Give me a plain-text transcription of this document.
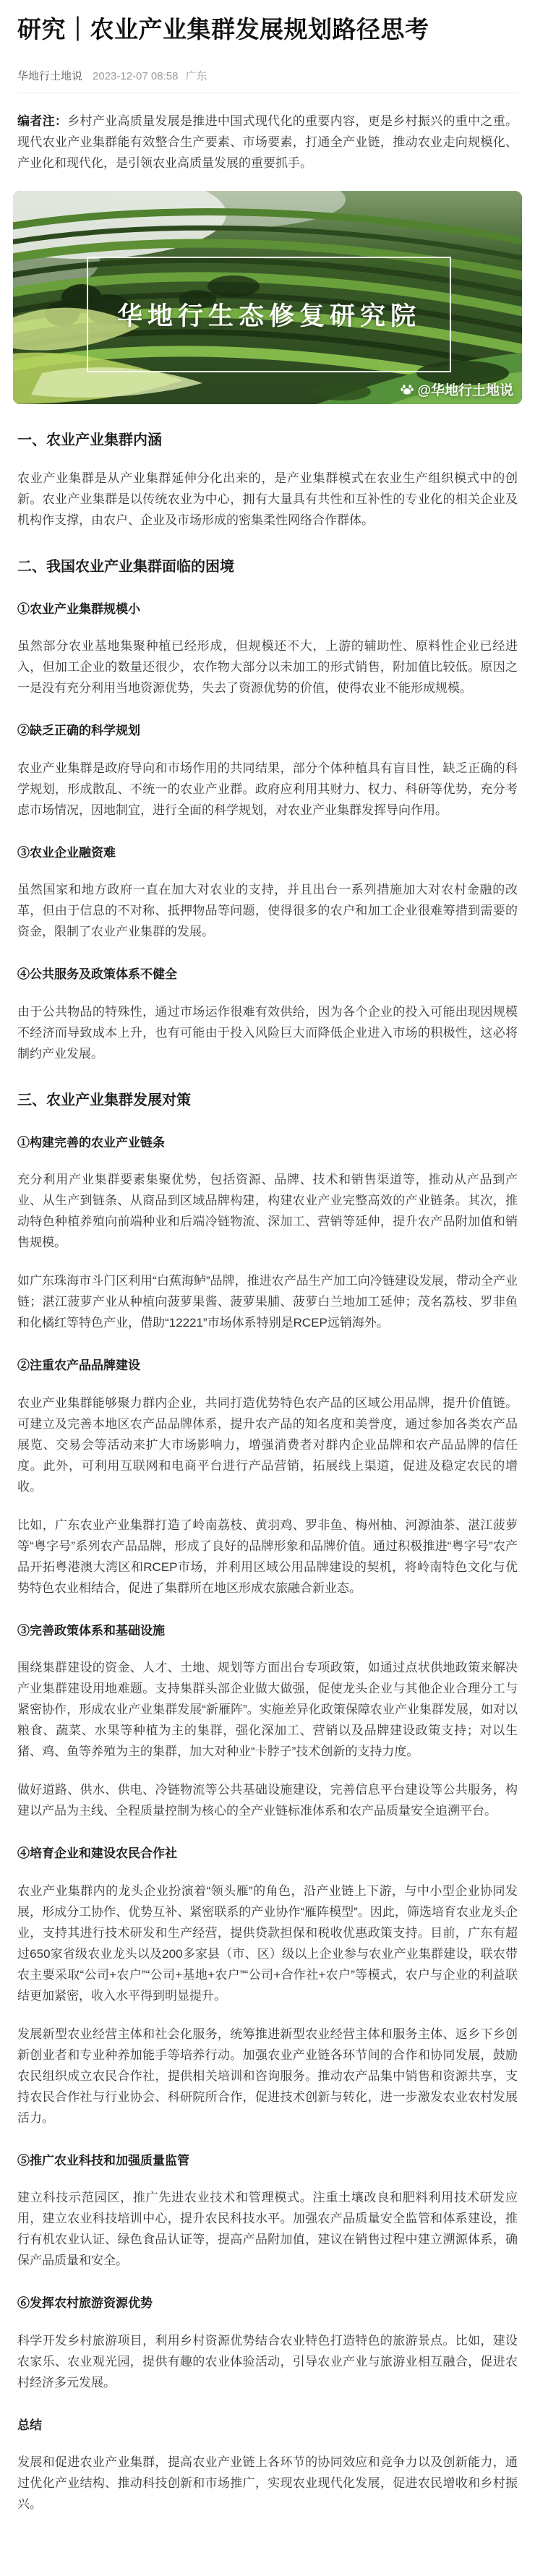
研究｜农业产业集群发展规划路径思考
华地行土地说 2023-12-07 08:58 广东

编者注：乡村产业高质量发展是推进中国式现代化的重要内容，更是乡村振兴的重中之重。现代农业产业集群能有效整合生产要素、市场要素，打通全产业链，推动农业走向规模化、产业化和现代化，是引领农业高质量发展的重要抓手。

华地行生态修复研究院
@华地行土地说
一、农业产业集群内涵

农业产业集群是从产业集群延伸分化出来的，是产业集群模式在农业生产组织模式中的创新。农业产业集群是以传统农业为中心，拥有大量具有共性和互补性的专业化的相关企业及机构作支撑，由农户、企业及市场形成的密集柔性网络合作群体。

二、我国农业产业集群面临的困境
①农业产业集群规模小

虽然部分农业基地集聚种植已经形成，但规模还不大，上游的辅助性、原料性企业已经进入，但加工企业的数量还很少，农作物大部分以未加工的形式销售，附加值比较低。原因之一是没有充分利用当地资源优势，失去了资源优势的价值，使得农业不能形成规模。

②缺乏正确的科学规划

农业产业集群是政府导向和市场作用的共同结果，部分个体种植具有盲目性，缺乏正确的科学规划，形成散乱、不统一的农业产业群。政府应利用其财力、权力、科研等优势，充分考虑市场情况，因地制宜，进行全面的科学规划，对农业产业集群发挥导向作用。

③农业企业融资难

虽然国家和地方政府一直在加大对农业的支持，并且出台一系列措施加大对农村金融的改革，但由于信息的不对称、抵押物品等问题，使得很多的农户和加工企业很难筹措到需要的资金，限制了农业产业集群的发展。

④公共服务及政策体系不健全

由于公共物品的特殊性，通过市场运作很难有效供给，因为各个企业的投入可能出现因规模不经济而导致成本上升，也有可能由于投入风险巨大而降低企业进入市场的积极性，这必将制约产业发展。

三、农业产业集群发展对策
①构建完善的农业产业链条

充分利用产业集群要素集聚优势，包括资源、品牌、技术和销售渠道等，推动从产品到产业、从生产到链条、从商品到区域品牌构建，构建农业产业完整高效的产业链条。其次，推动特色种植养殖向前端种业和后端冷链物流、深加工、营销等延伸，提升农产品附加值和销售规模。

如广东珠海市斗门区利用“白蕉海鲈”品牌，推进农产品生产加工向冷链建设发展，带动全产业链；湛江菠萝产业从种植向菠萝果酱、菠萝果脯、菠萝白兰地加工延伸；茂名荔枝、罗非鱼和化橘红等特色产业，借助“12221”市场体系特别是RCEP远销海外。

②注重农产品品牌建设

农业产业集群能够聚力群内企业，共同打造优势特色农产品的区域公用品牌，提升价值链。可建立及完善本地区农产品品牌体系，提升农产品的知名度和美誉度，通过参加各类农产品展览、交易会等活动来扩大市场影响力，增强消费者对群内企业品牌和农产品品牌的信任度。此外，可利用互联网和电商平台进行产品营销，拓展线上渠道，促进及稳定农民的增收。

比如，广东农业产业集群打造了岭南荔枝、黄羽鸡、罗非鱼、梅州柚、河源油茶、湛江菠萝等“粤字号”系列农产品品牌，形成了良好的品牌形象和品牌价值。通过积极推进“粤字号”农产品开拓粤港澳大湾区和RCEP市场，并利用区域公用品牌建设的契机，将岭南特色文化与优势特色农业相结合，促进了集群所在地区形成农旅融合新业态。

③完善政策体系和基础设施

围绕集群建设的资金、人才、土地、规划等方面出台专项政策，如通过点状供地政策来解决产业集群建设用地难题。支持集群头部企业做大做强，促使龙头企业与其他企业合理分工与紧密协作，形成农业产业集群发展“新雁阵”。实施差异化政策保障农业产业集群发展，如对以粮食、蔬菜、水果等种植为主的集群，强化深加工、营销以及品牌建设政策支持；对以生猪、鸡、鱼等养殖为主的集群，加大对种业“卡脖子”技术创新的支持力度。

做好道路、供水、供电、冷链物流等公共基础设施建设，完善信息平台建设等公共服务，构建以产品为主线、全程质量控制为核心的全产业链标准体系和农产品质量安全追溯平台。

④培育企业和建设农民合作社

农业产业集群内的龙头企业扮演着“领头雁”的角色，沿产业链上下游，与中小型企业协同发展，形成分工协作、优势互补、紧密联系的产业协作“雁阵模型”。因此，筛选培育农业龙头企业，支持其进行技术研发和生产经营，提供贷款担保和税收优惠政策支持。目前，广东有超过650家省级农业龙头以及200多家县（市、区）级以上企业参与农业产业集群建设，联农带农主要采取“公司+农户”“公司+基地+农户”“公司+合作社+农户”等模式，农户与企业的利益联结更加紧密，收入水平得到明显提升。

发展新型农业经营主体和社会化服务，统筹推进新型农业经营主体和服务主体、返乡下乡创新创业者和专业种养加能手等培养行动。加强农业产业链各环节间的合作和协同发展，鼓励农民组织成立农民合作社，提供相关培训和咨询服务。推动农产品集中销售和资源共享，支持农民合作社与行业协会、科研院所合作，促进技术创新与转化，进一步激发农业农村发展活力。

⑤推广农业科技和加强质量监管

建立科技示范园区，推广先进农业技术和管理模式。注重土壤改良和肥料利用技术研发应用，建立农业科技培训中心，提升农民科技水平。加强农产品质量安全监管和体系建设，推行有机农业认证、绿色食品认证等，提高产品附加值，建议在销售过程中建立溯源体系，确保产品质量和安全。

⑥发挥农村旅游资源优势

科学开发乡村旅游项目，利用乡村资源优势结合农业特色打造特色的旅游景点。比如，建设农家乐、农业观光园，提供有趣的农业体验活动，引导农业产业与旅游业相互融合，促进农村经济多元发展。

总结

发展和促进农业产业集群，提高农业产业链上各环节的协同效应和竞争力以及创新能力，通过优化产业结构、推动科技创新和市场推广，实现农业现代化发展，促进农民增收和乡村振兴。
